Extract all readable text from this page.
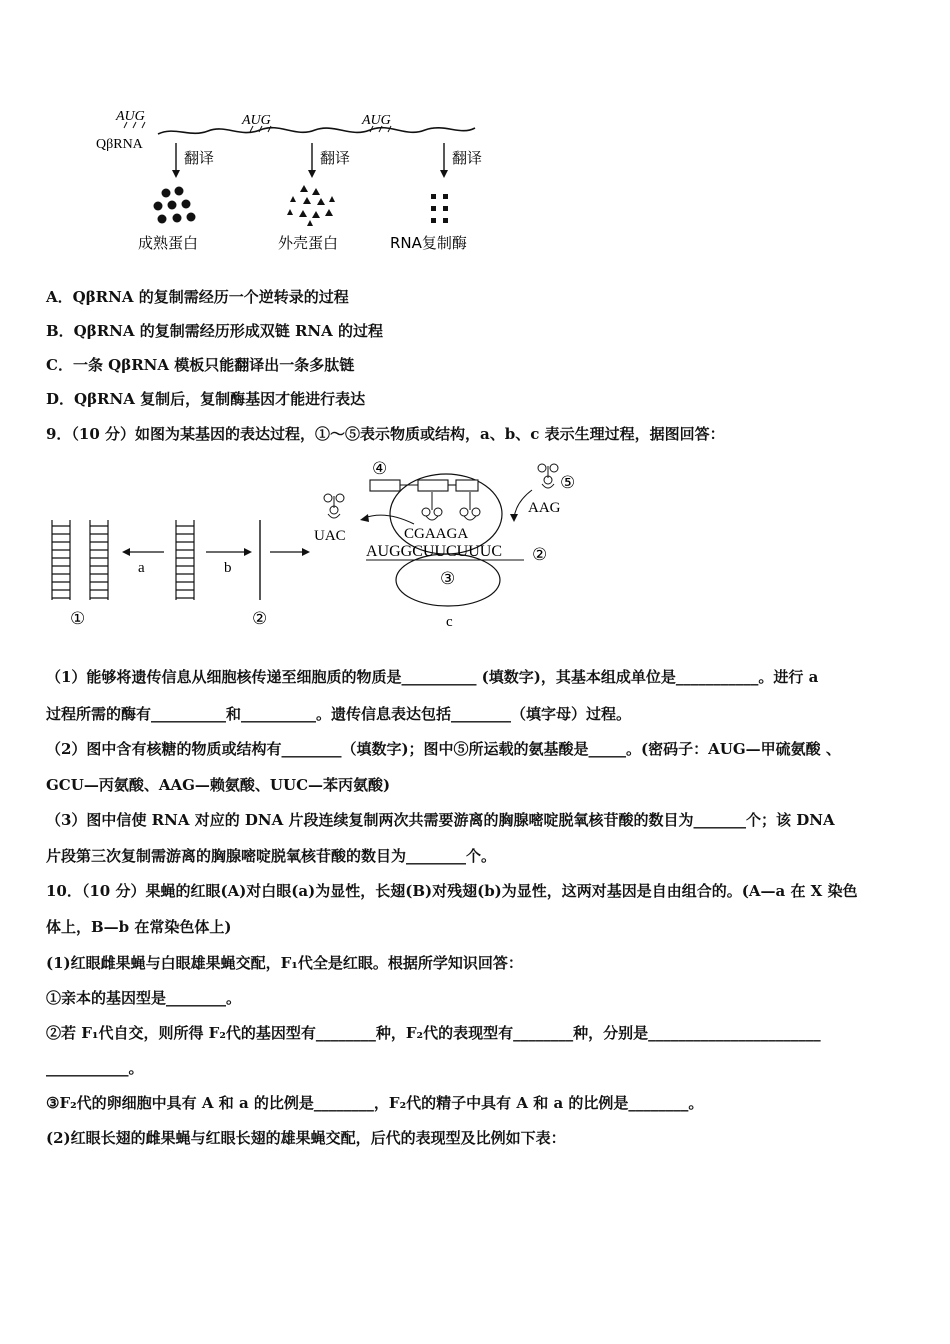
QβRNA
AUG	AUG	AUG
翻译	翻译	翻译
成熟蛋白	外壳蛋白	RNA复制酶
A．QβRNA 的复制需经历一个逆转录的过程
B．QβRNA 的复制需经历形成双链 RNA 的过程
C．一条 QβRNA 模板只能翻译出一条多肽链
D．QβRNA 复制后，复制酶基因才能进行表达
9．（10 分）如图为某基因的表达过程，①～⑤表示物质或结构，a、b、c 表示生理过程，据图回答：
a	b
①	②
④
UAC
⑤
AAG
CGAAGA
AUGGCUUCUUUC ②
③
c
（1）能够将遗传信息从细胞核传递至细胞质的物质是__________ (填数字)，其基本组成单位是___________。进行 a
过程所需的酶有__________和__________。遗传信息表达包括________（填字母）过程。
（2）图中含有核糖的物质或结构有________（填数字)；图中⑤所运载的氨基酸是_____。(密码子：AUG—甲硫氨酸 、
GCU—丙氨酸、AAG—赖氨酸、UUC—苯丙氨酸)
（3）图中信使 RNA 对应的 DNA 片段连续复制两次共需要游离的胸腺嘧啶脱氧核苷酸的数目为_______个；该 DNA
片段第三次复制需游离的胸腺嘧啶脱氧核苷酸的数目为________个。
10．（10 分）果蝇的红眼(A)对白眼(a)为显性，长翅(B)对残翅(b)为显性，这两对基因是自由组合的。(A—a 在 X 染色
体上，B—b 在常染色体上)
(1)红眼雌果蝇与白眼雄果蝇交配，F₁代全是红眼。根据所学知识回答：
①亲本的基因型是________。
②若 F₁代自交，则所得 F₂代的基因型有________种，F₂代的表现型有________种，分别是_______________________
___________。
③F₂代的卵细胞中具有 A 和 a 的比例是________，F₂代的精子中具有 A 和 a 的比例是________。
(2)红眼长翅的雌果蝇与红眼长翅的雄果蝇交配，后代的表现型及比例如下表：
